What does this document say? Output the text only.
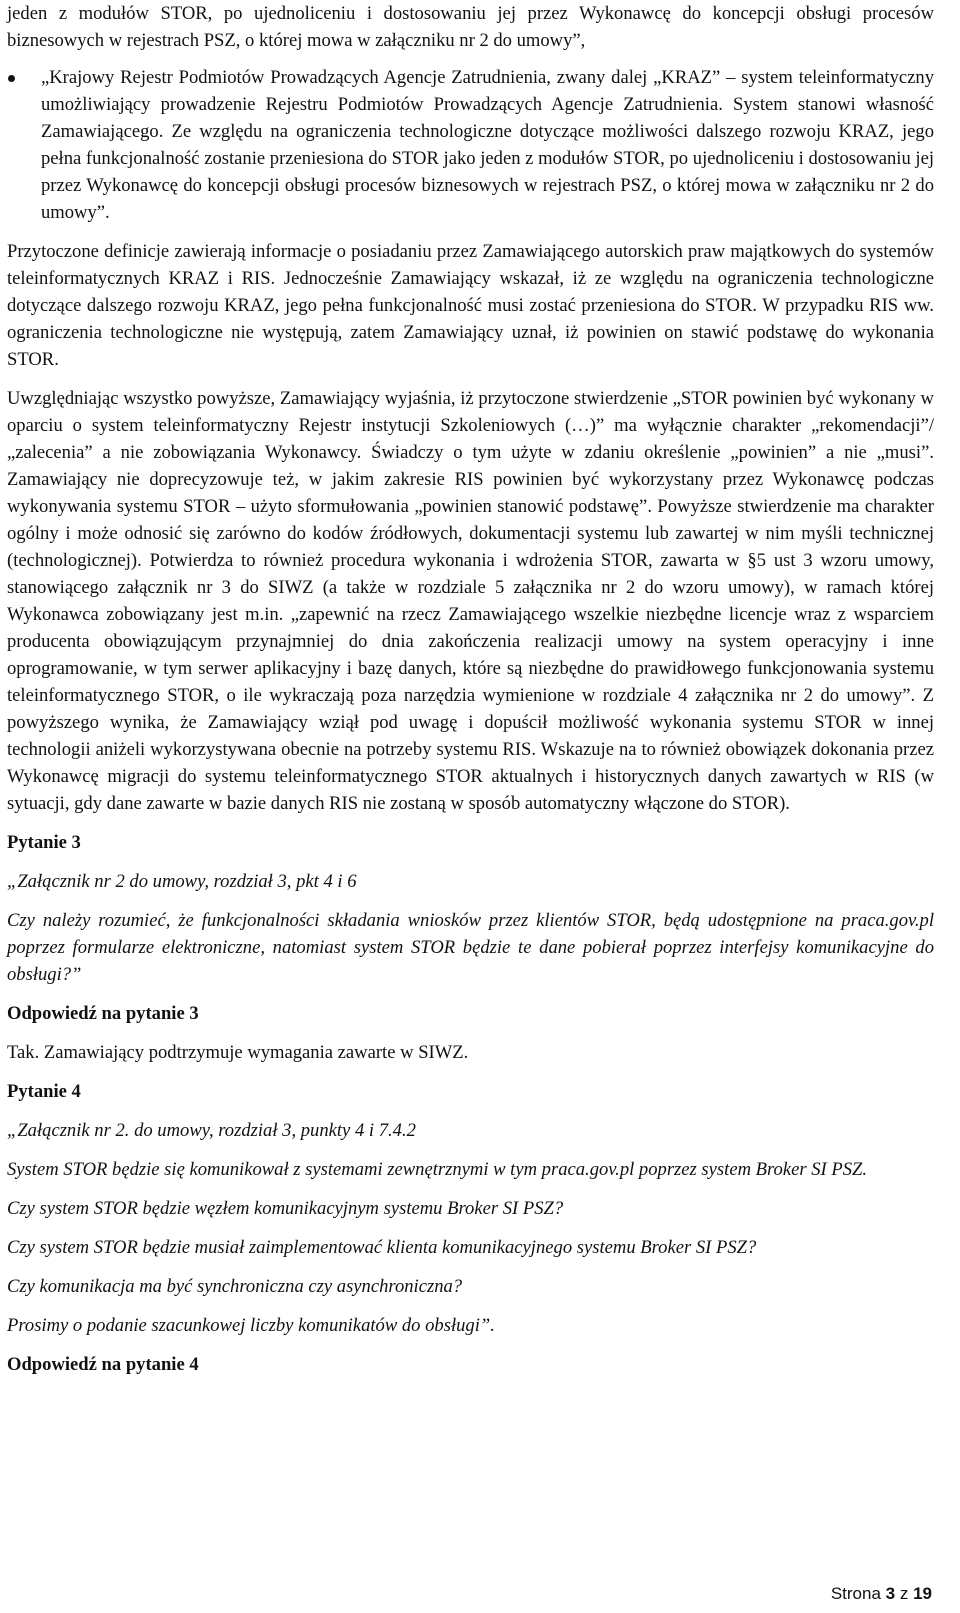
jeden z modułów STOR, po ujednoliceniu i dostosowaniu jej przez Wykonawcę do koncepcji obsługi procesów biznesowych w rejestrach PSZ, o której mowa w załączniku nr 2 do umowy”,

„Krajowy Rejestr Podmiotów Prowadzących Agencje Zatrudnienia, zwany dalej „KRAZ” – system teleinformatyczny umożliwiający prowadzenie Rejestru Podmiotów Prowadzących Agencje Zatrudnienia. System stanowi własność Zamawiającego. Ze względu na ograniczenia technologiczne dotyczące możliwości dalszego rozwoju KRAZ, jego pełna funkcjonalność zostanie przeniesiona do STOR jako jeden z modułów STOR, po ujednoliceniu i dostosowaniu jej przez Wykonawcę do koncepcji obsługi procesów biznesowych w rejestrach PSZ, o której mowa w załączniku nr 2 do umowy”.

Przytoczone definicje zawierają informacje o posiadaniu przez Zamawiającego autorskich praw majątkowych do systemów teleinformatycznych KRAZ i RIS. Jednocześnie Zamawiający wskazał, iż ze względu na ograniczenia technologiczne dotyczące dalszego rozwoju KRAZ, jego pełna funkcjonalność musi zostać przeniesiona do STOR. W przypadku RIS ww. ograniczenia technologiczne nie występują, zatem Zamawiający uznał, iż powinien on stawić podstawę do wykonania STOR.

Uwzględniając wszystko powyższe, Zamawiający wyjaśnia, iż przytoczone stwierdzenie „STOR powinien być wykonany w oparciu o system teleinformatyczny Rejestr instytucji Szkoleniowych (…)” ma wyłącznie charakter „rekomendacji”/ „zalecenia” a nie zobowiązania Wykonawcy. Świadczy o tym użyte w zdaniu określenie „powinien” a nie „musi”. Zamawiający nie doprecyzowuje też, w jakim zakresie RIS powinien być wykorzystany przez Wykonawcę podczas wykonywania systemu STOR – użyto sformułowania „powinien stanowić podstawę”. Powyższe stwierdzenie ma charakter ogólny i może odnosić się zarówno do kodów źródłowych, dokumentacji systemu lub zawartej w nim myśli technicznej (technologicznej). Potwierdza to również procedura wykonania i wdrożenia STOR, zawarta w §5 ust 3 wzoru umowy, stanowiącego załącznik nr 3 do SIWZ (a także w rozdziale 5 załącznika nr 2 do wzoru umowy), w ramach której Wykonawca zobowiązany jest m.in. „zapewnić na rzecz Zamawiającego wszelkie niezbędne licencje wraz z wsparciem producenta obowiązującym przynajmniej do dnia zakończenia realizacji umowy na system operacyjny i inne oprogramowanie, w tym serwer aplikacyjny i bazę danych, które są niezbędne do prawidłowego funkcjonowania systemu teleinformatycznego STOR, o ile wykraczają poza narzędzia wymienione w rozdziale 4 załącznika nr 2 do umowy”. Z powyższego wynika, że Zamawiający wziął pod uwagę i dopuścił możliwość wykonania systemu STOR w innej technologii aniżeli wykorzystywana obecnie na potrzeby systemu RIS. Wskazuje na to również obowiązek dokonania przez Wykonawcę migracji do systemu teleinformatycznego STOR aktualnych i historycznych danych zawartych w RIS (w sytuacji, gdy dane zawarte w bazie danych RIS nie zostaną w sposób automatyczny włączone do STOR).

Pytanie 3

„Załącznik nr 2 do umowy, rozdział 3, pkt 4 i 6

Czy należy rozumieć, że funkcjonalności składania wniosków przez klientów STOR, będą udostępnione na praca.gov.pl poprzez formularze elektroniczne, natomiast system STOR będzie te dane pobierał poprzez interfejsy komunikacyjne do obsługi?”

Odpowiedź na pytanie 3

Tak. Zamawiający podtrzymuje wymagania zawarte w SIWZ.

Pytanie 4

„Załącznik nr 2. do umowy, rozdział 3, punkty 4 i 7.4.2

System STOR będzie się komunikował z systemami zewnętrznymi w tym praca.gov.pl poprzez system Broker SI PSZ.

Czy system STOR będzie węzłem komunikacyjnym systemu Broker SI PSZ?

Czy system STOR będzie musiał zaimplementować klienta komunikacyjnego systemu Broker SI PSZ?

Czy komunikacja ma być synchroniczna czy asynchroniczna?

Prosimy o podanie szacunkowej liczby komunikatów do obsługi”.

Odpowiedź na pytanie 4

Strona 3 z 19
